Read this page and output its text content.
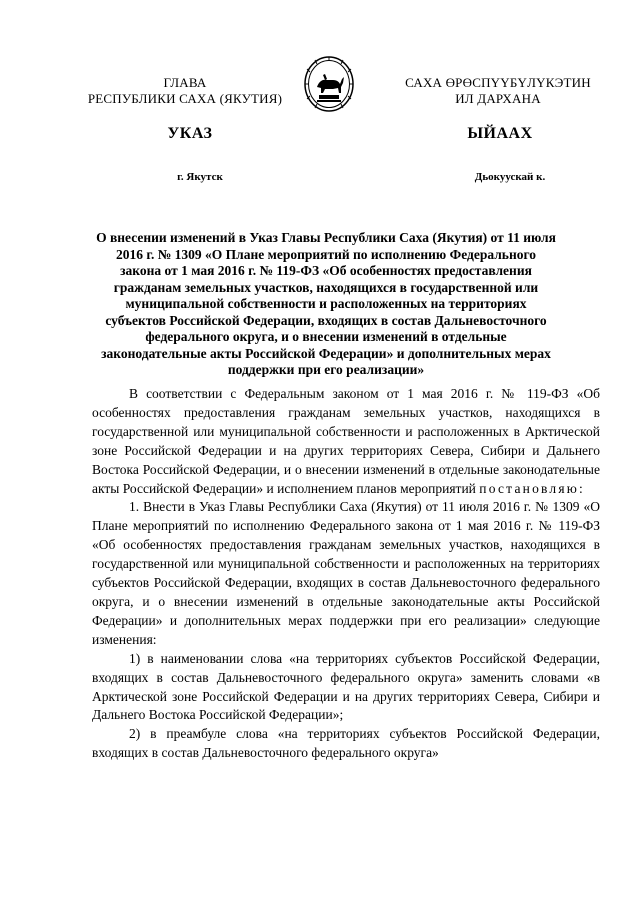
ГЛАВА
РЕСПУБЛИКИ САХА (ЯКУТИЯ)
САХА ӨРӨСПҮҮБҮЛҮКЭТИН
ИЛ ДАРХАНА
УКАЗ	ЫЙААХ
г. Якутск	Дьокуускай к.
О внесении изменений в Указ Главы Республики Саха (Якутия) от 11 июля 2016 г. № 1309 «О Плане мероприятий по исполнению Федерального закона от 1 мая 2016 г. № 119-ФЗ «Об особенностях предоставления гражданам земельных участков, находящихся в государственной или муниципальной собственности и расположенных на территориях субъектов Российской Федерации, входящих в состав Дальневосточного федерального округа, и о внесении изменений в отдельные законодательные акты Российской Федерации» и дополнительных мерах поддержки при его реализации»

В соответствии с Федеральным законом от 1 мая 2016 г. № 119-ФЗ «Об особенностях предоставления гражданам земельных участков, находящихся в государственной или муниципальной собственности и расположенных в Арктической зоне Российской Федерации и на других территориях Севера, Сибири и Дальнего Востока Российской Федерации, и о внесении изменений в отдельные законодательные акты Российской Федерации» и исполнением планов мероприятий постановляю:

1. Внести в Указ Главы Республики Саха (Якутия) от 11 июля 2016 г. № 1309 «О Плане мероприятий по исполнению Федерального закона от 1 мая 2016 г. № 119-ФЗ «Об особенностях предоставления гражданам земельных участков, находящихся в государственной или муниципальной собственности и расположенных на территориях субъектов Российской Федерации, входящих в состав Дальневосточного федерального округа, и о внесении изменений в отдельные законодательные акты Российской Федерации» и дополнительных мерах поддержки при его реализации» следующие изменения:

1) в наименовании слова «на территориях субъектов Российской Федерации, входящих в состав Дальневосточного федерального округа» заменить словами «в Арктической зоне Российской Федерации и на других территориях Севера, Сибири и Дальнего Востока Российской Федерации»;

2) в преамбуле слова «на территориях субъектов Российской Федерации, входящих в состав Дальневосточного федерального округа»
